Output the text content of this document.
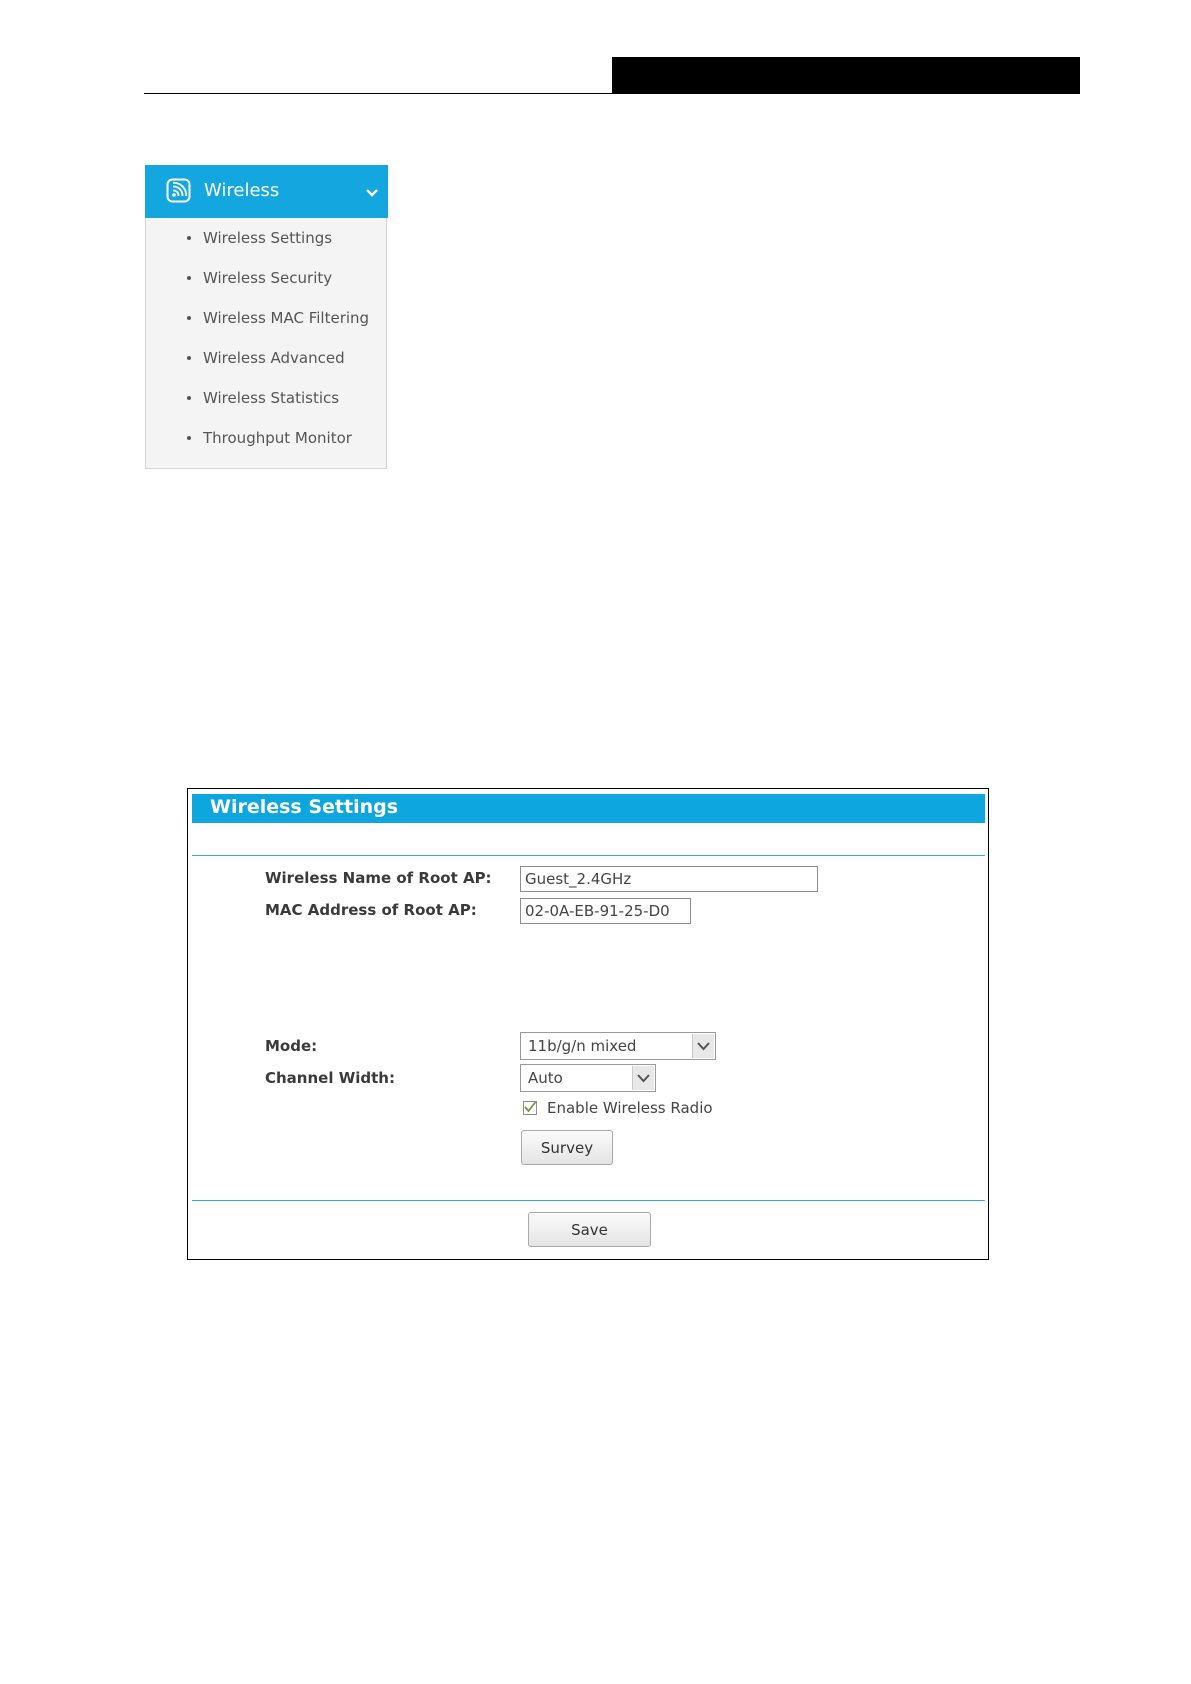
Wireless Settings
Wireless Security
Wireless MAC Filtering
Wireless Advanced
Wireless Statistics
Throughput Monitor
Wireless
Wireless Settings
Wireless Name of Root AP:	Guest_2.4GHz
MAC Address of Root AP:	02-0A-EB-91-25-D0
Mode:	11b/g/n mixed
Channel Width:	Auto
Enable Wireless Radio
Survey
Save
